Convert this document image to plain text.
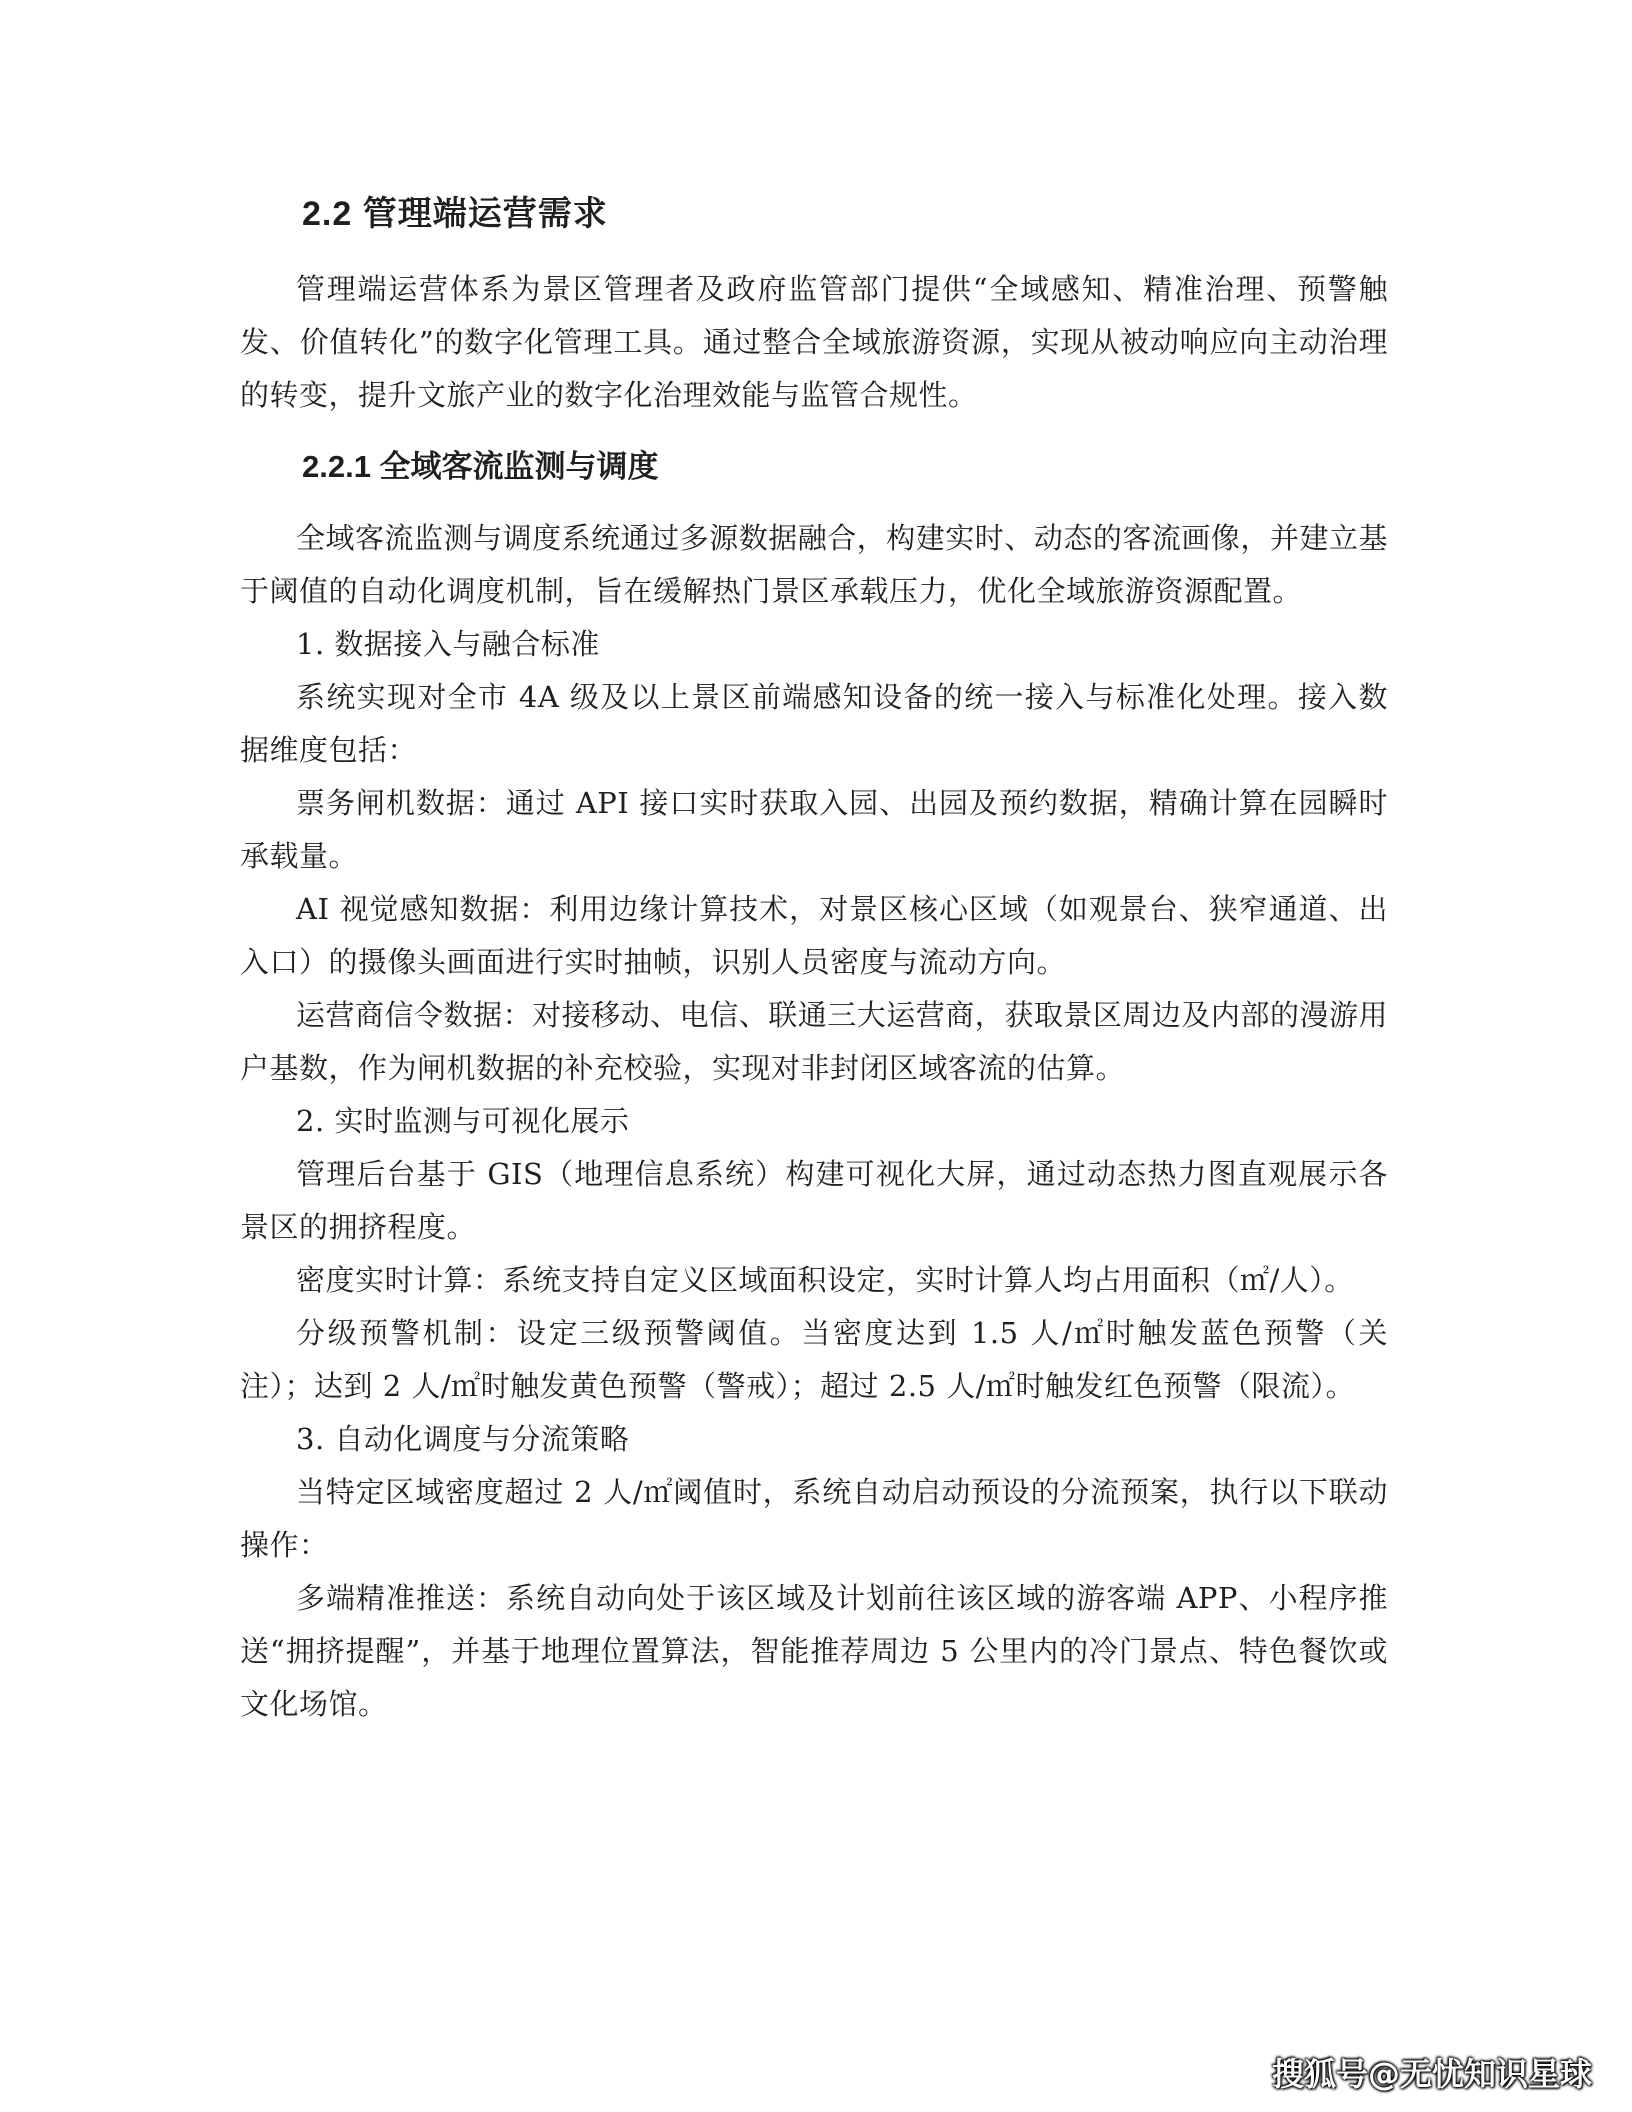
2.2 管理端运营需求

管理端运营体系为景区管理者及政府监管部门提供“全域感知、精准治理、预警触发、价值转化”的数字化管理工具。通过整合全域旅游资源，实现从被动响应向主动治理的转变，提升文旅产业的数字化治理效能与监管合规性。

2.2.1 全域客流监测与调度

全域客流监测与调度系统通过多源数据融合，构建实时、动态的客流画像，并建立基于阈值的自动化调度机制，旨在缓解热门景区承载压力，优化全域旅游资源配置。

1. 数据接入与融合标准

系统实现对全市 4A 级及以上景区前端感知设备的统一接入与标准化处理。接入数据维度包括：

票务闸机数据：通过 API 接口实时获取入园、出园及预约数据，精确计算在园瞬时承载量。

AI 视觉感知数据：利用边缘计算技术，对景区核心区域（如观景台、狭窄通道、出入口）的摄像头画面进行实时抽帧，识别人员密度与流动方向。

运营商信令数据：对接移动、电信、联通三大运营商，获取景区周边及内部的漫游用户基数，作为闸机数据的补充校验，实现对非封闭区域客流的估算。

2. 实时监测与可视化展示

管理后台基于 GIS（地理信息系统）构建可视化大屏，通过动态热力图直观展示各景区的拥挤程度。

密度实时计算：系统支持自定义区域面积设定，实时计算人均占用面积（㎡/人）。

分级预警机制：设定三级预警阈值。当密度达到 1.5 人/㎡时触发蓝色预警（关注）；达到 2 人/㎡时触发黄色预警（警戒）；超过 2.5 人/㎡时触发红色预警（限流）。

3. 自动化调度与分流策略

当特定区域密度超过 2 人/㎡阈值时，系统自动启动预设的分流预案，执行以下联动操作：

多端精准推送：系统自动向处于该区域及计划前往该区域的游客端 APP、小程序推送“拥挤提醒”，并基于地理位置算法，智能推荐周边 5 公里内的冷门景点、特色餐饮或文化场馆。

搜狐号@无忧知识星球
